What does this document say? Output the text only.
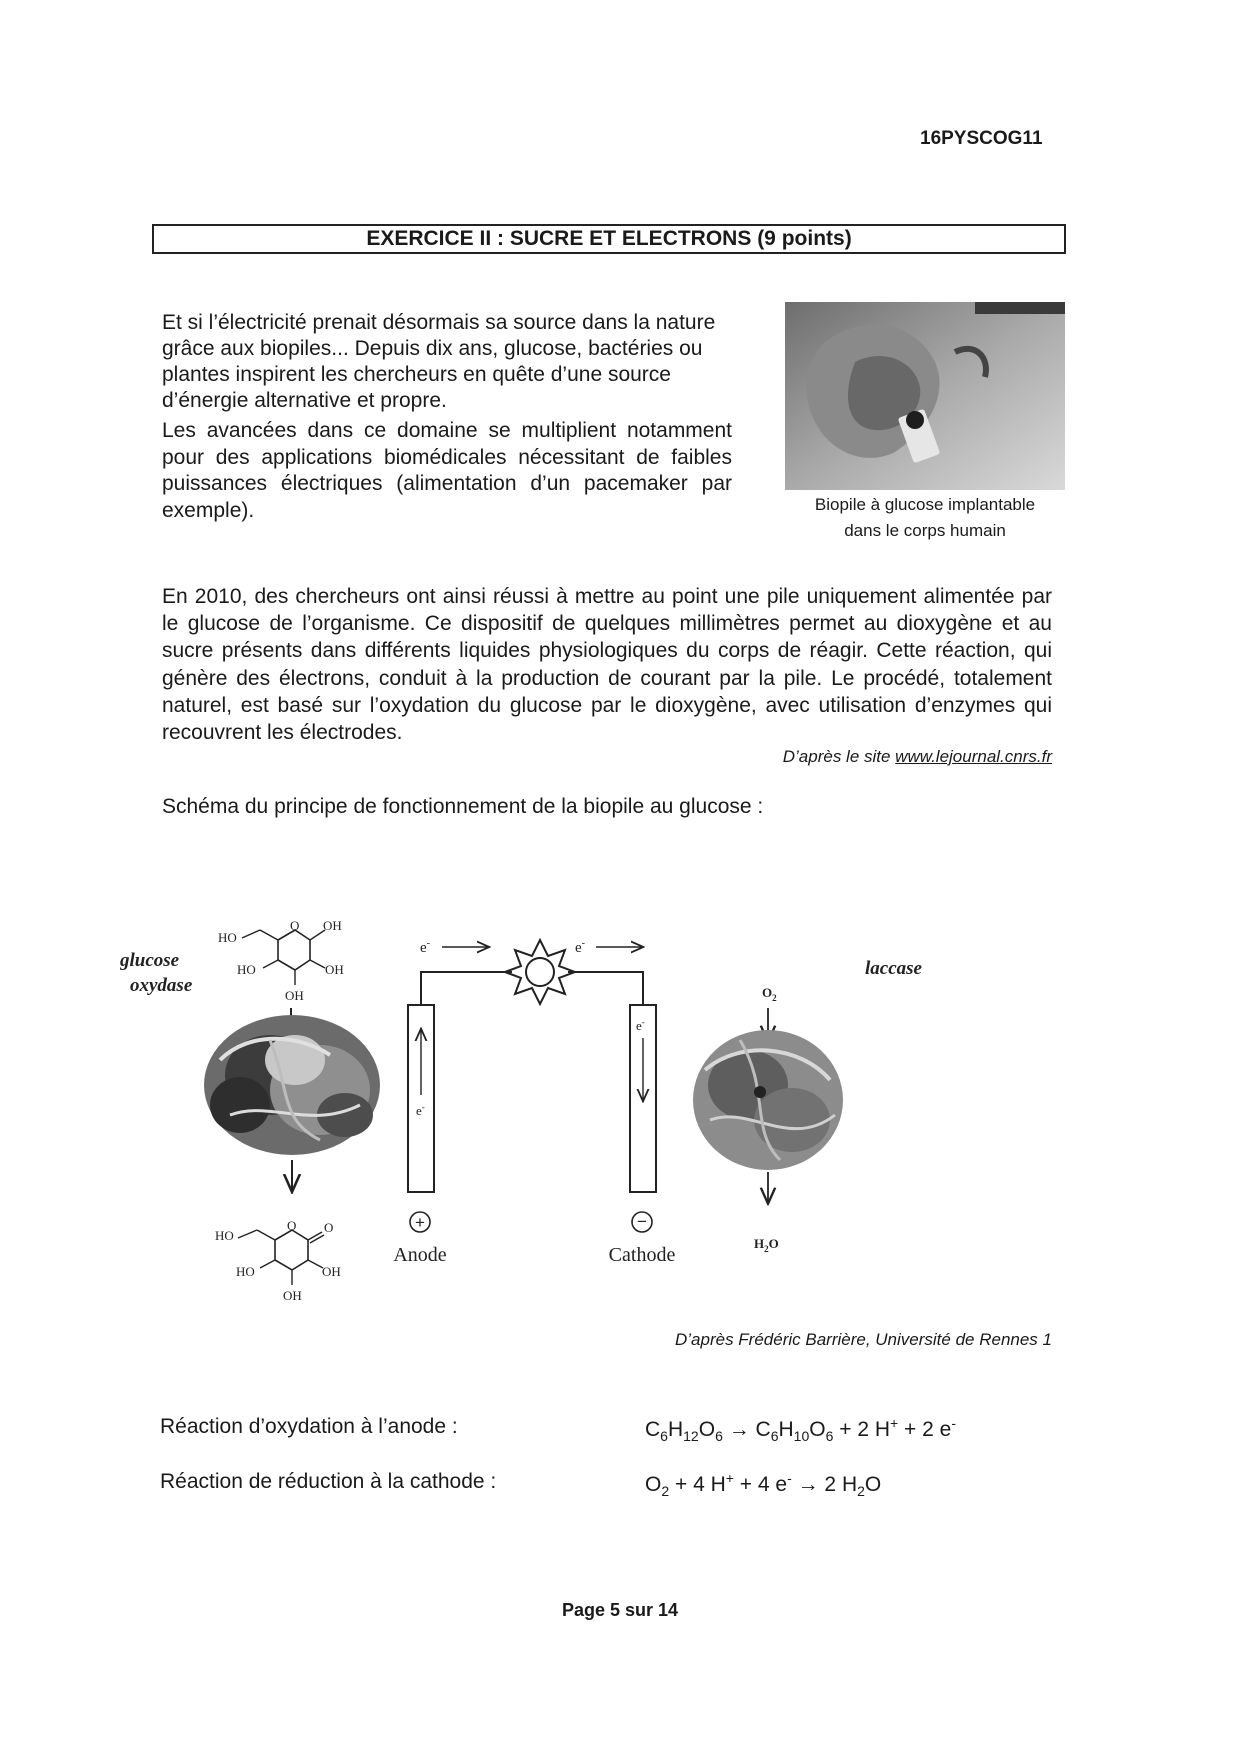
16PYSCOG11
EXERCICE II : SUCRE ET ELECTRONS (9 points)
Et si l’électricité prenait désormais sa source dans la nature grâce aux biopiles... Depuis dix ans, glucose, bactéries ou plantes inspirent les chercheurs en quête d’une source d’énergie alternative et propre.
Les avancées dans ce domaine se multiplient notamment pour des applications biomédicales nécessitant de faibles puissances électriques (alimentation d’un pacemaker par exemple).	Biopile à glucose implantable
dans le corps humain
En 2010, des chercheurs ont ainsi réussi à mettre au point une pile uniquement alimentée par le glucose de l’organisme. Ce dispositif de quelques millimètres permet au dioxygène et au sucre présents dans différents liquides physiologiques du corps de réagir. Cette réaction, qui génère des électrons, conduit à la production de courant par la pile. Le procédé, totalement naturel, est basé sur l’oxydation du glucose par le dioxygène, avec utilisation d’enzymes qui recouvrent les électrodes.
D’après le site www.lejournal.cnrs.fr
Schéma du principe de fonctionnement de la biopile au glucose :
HO
O OH
HO	OH
OH
glucose
oxydase
HO
O O
HO	OH
OH
e-	e-
e-
e-
+	−
Anode	Cathode
$O_2$
laccase
$H_2O$
D’après Frédéric Barrière, Université de Rennes 1
Réaction d’oxydation à l’anode :	$C_6H_{12}O_6 \to C_6H_{10}O_6 + 2$ H+ + 2 e-
Réaction de réduction à la cathode :	$O_2 + 4$ H+ + 4 e- → 2 $H_2O$
Page 5 sur 14
